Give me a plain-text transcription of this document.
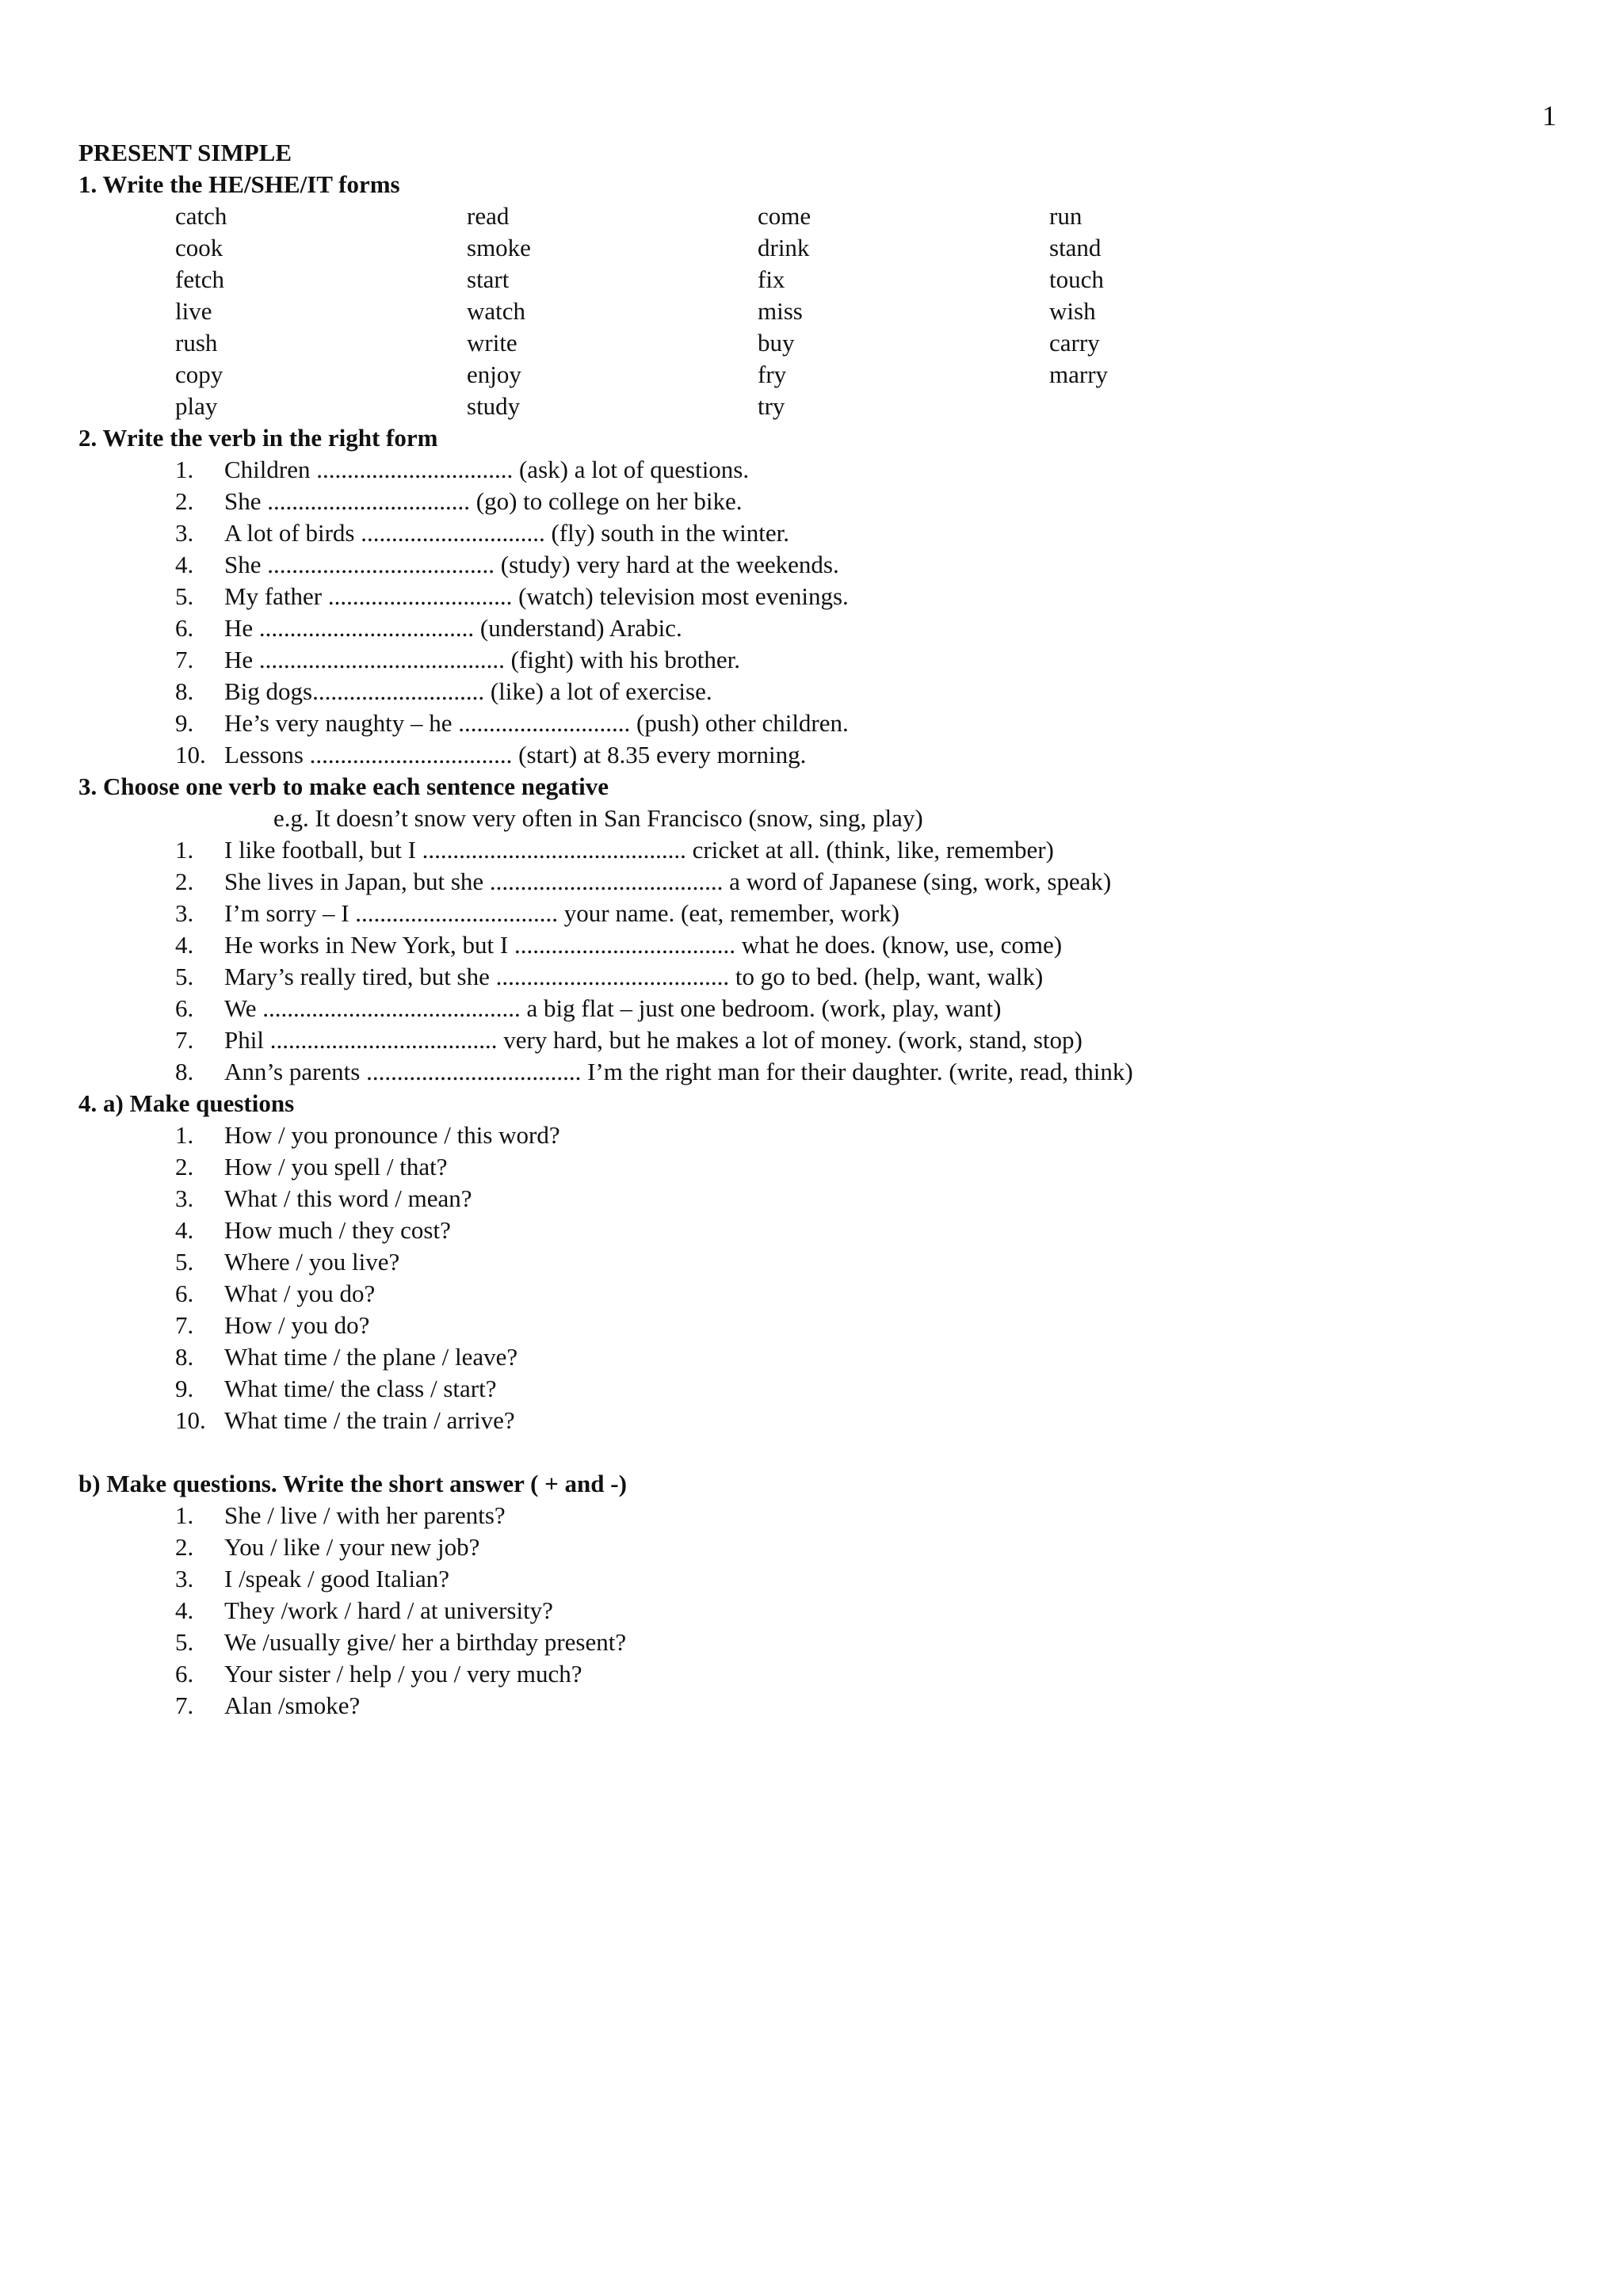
1
PRESENT SIMPLE
1. Write the HE/SHE/IT forms
catch	read	come	run
cook	smoke	drink	stand
fetch	start	fix	touch
live	watch	miss	wish
rush	write	buy	carry
copy	enjoy	fry	marry
play	study	try
2. Write the verb in the right form
1. Children ................................ (ask) a lot of questions.
2. She ................................. (go) to college on her bike.
3. A lot of birds .............................. (fly) south in the winter.
4. She ..................................... (study) very hard at the weekends.
5. My father .............................. (watch) television most evenings.
6. He ................................... (understand) Arabic.
7. He ........................................ (fight) with his brother.
8. Big dogs............................ (like) a lot of exercise.
9. He’s very naughty – he ............................ (push) other children.
10. Lessons ................................. (start) at 8.35 every morning.
3. Choose one verb to make each sentence negative
e.g. It doesn’t snow very often in San Francisco (snow, sing, play)
1. I like football, but I ........................................... cricket at all. (think, like, remember)
2. She lives in Japan, but she ...................................... a word of Japanese (sing, work, speak)
3. I’m sorry – I ................................. your name. (eat, remember, work)
4. He works in New York, but I .................................... what he does. (know, use, come)
5. Mary’s really tired, but she ...................................... to go to bed. (help, want, walk)
6. We .......................................... a big flat – just one bedroom. (work, play, want)
7. Phil ..................................... very hard, but he makes a lot of money. (work, stand, stop)
8. Ann’s parents ................................... I’m the right man for their daughter. (write, read, think)
4. a) Make questions
1. How / you pronounce / this word?
2. How / you spell / that?
3. What / this word / mean?
4. How much / they cost?
5. Where / you live?
6. What / you do?
7. How / you do?
8. What time / the plane / leave?
9. What time/ the class / start?
10. What time / the train / arrive?
b) Make questions. Write the short answer ( + and -)
1. She / live / with her parents?
2. You / like / your new job?
3. I /speak / good Italian?
4. They /work / hard / at university?
5. We /usually give/ her a birthday present?
6. Your sister / help / you / very much?
7. Alan /smoke?
